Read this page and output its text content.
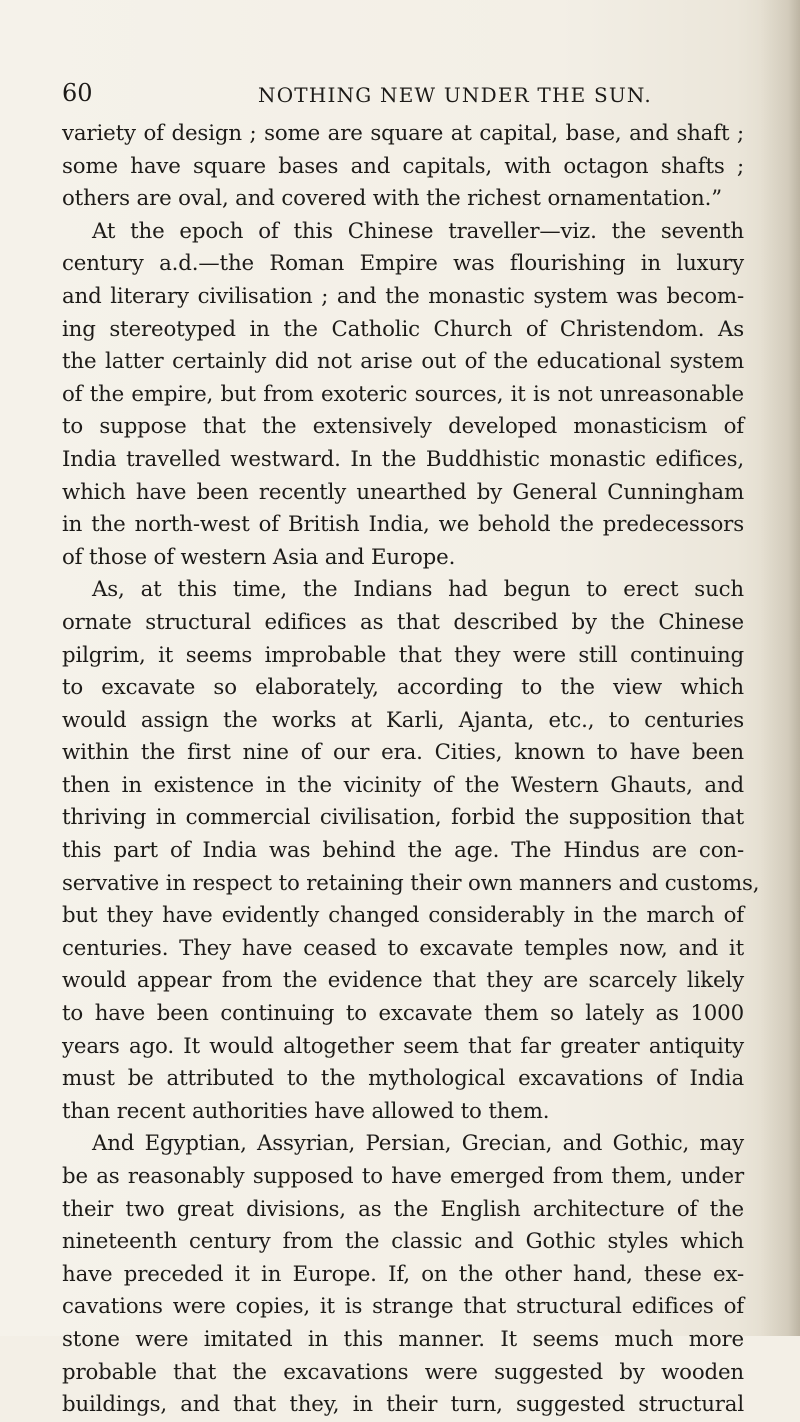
60	NOTHING NEW UNDER THE SUN.
variety of design ; some are square at capital, base, and shaft ;
some have square bases and capitals, with octagon shafts ;
others are oval, and covered with the richest ornamentation.”
At the epoch of this Chinese traveller—viz. the seventh
century a.d.—the Roman Empire was flourishing in luxury
and literary civilisation ; and the monastic system was becom-
ing stereotyped in the Catholic Church of Christendom. As
the latter certainly did not arise out of the educational system
of the empire, but from exoteric sources, it is not unreasonable
to suppose that the extensively developed monasticism of
India travelled westward. In the Buddhistic monastic edifices,
which have been recently unearthed by General Cunningham
in the north-west of British India, we behold the predecessors
of those of western Asia and Europe.
As, at this time, the Indians had begun to erect such
ornate structural edifices as that described by the Chinese
pilgrim, it seems improbable that they were still continuing
to excavate so elaborately, according to the view which
would assign the works at Karli, Ajanta, etc., to centuries
within the first nine of our era. Cities, known to have been
then in existence in the vicinity of the Western Ghauts, and
thriving in commercial civilisation, forbid the supposition that
this part of India was behind the age. The Hindus are con-
servative in respect to retaining their own manners and customs,
but they have evidently changed considerably in the march of
centuries. They have ceased to excavate temples now, and it
would appear from the evidence that they are scarcely likely
to have been continuing to excavate them so lately as 1000
years ago. It would altogether seem that far greater antiquity
must be attributed to the mythological excavations of India
than recent authorities have allowed to them.
And Egyptian, Assyrian, Persian, Grecian, and Gothic, may
be as reasonably supposed to have emerged from them, under
their two great divisions, as the English architecture of the
nineteenth century from the classic and Gothic styles which
have preceded it in Europe. If, on the other hand, these ex-
cavations were copies, it is strange that structural edifices of
stone were imitated in this manner. It seems much more
probable that the excavations were suggested by wooden
buildings, and that they, in their turn, suggested structural
